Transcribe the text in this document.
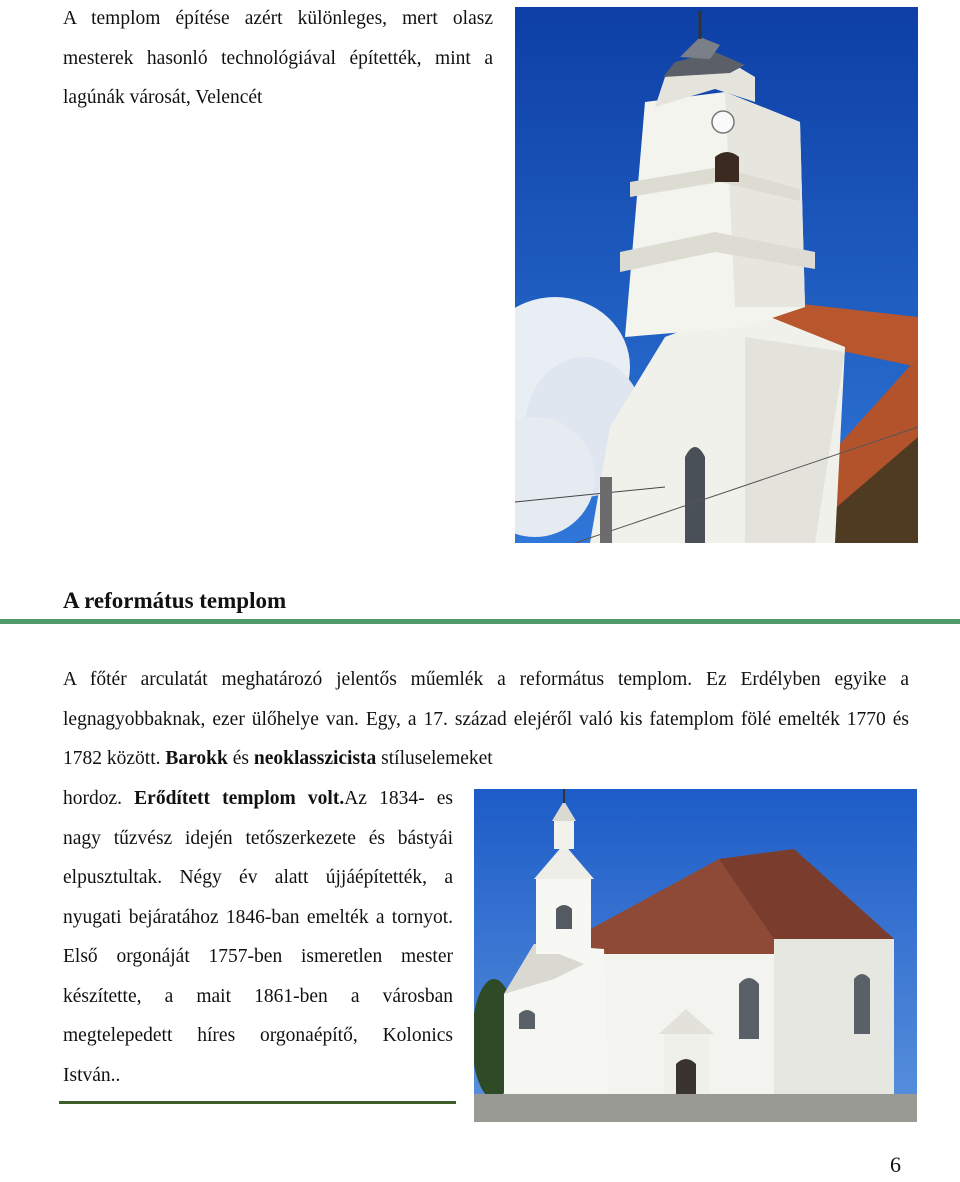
A templom építése azért különleges, mert olasz mesterek hasonló technológiával építették, mint a lagúnák városát, Velencét
A református templom
A főtér arculatát meghatározó jelentős műemlék a református templom. Ez Erdélyben egyike a legnagyobbaknak, ezer ülőhelye van. Egy, a 17. század elejéről való kis fatemplom fölé emelték 1770 és 1782 között. Barokk és neoklasszicista stíluselemeket
hordoz. Erődített templom volt.Az 1834- es nagy tűzvész idején tetőszerkezete és bástyái elpusztultak. Négy év alatt újjáépítették, a nyugati bejáratához 1846-ban emelték a tornyot. Első orgonáját 1757-ben ismeretlen mester készítette, a mait 1861-ben a városban megtelepedett híres orgonaépítő, Kolonics István..
6
